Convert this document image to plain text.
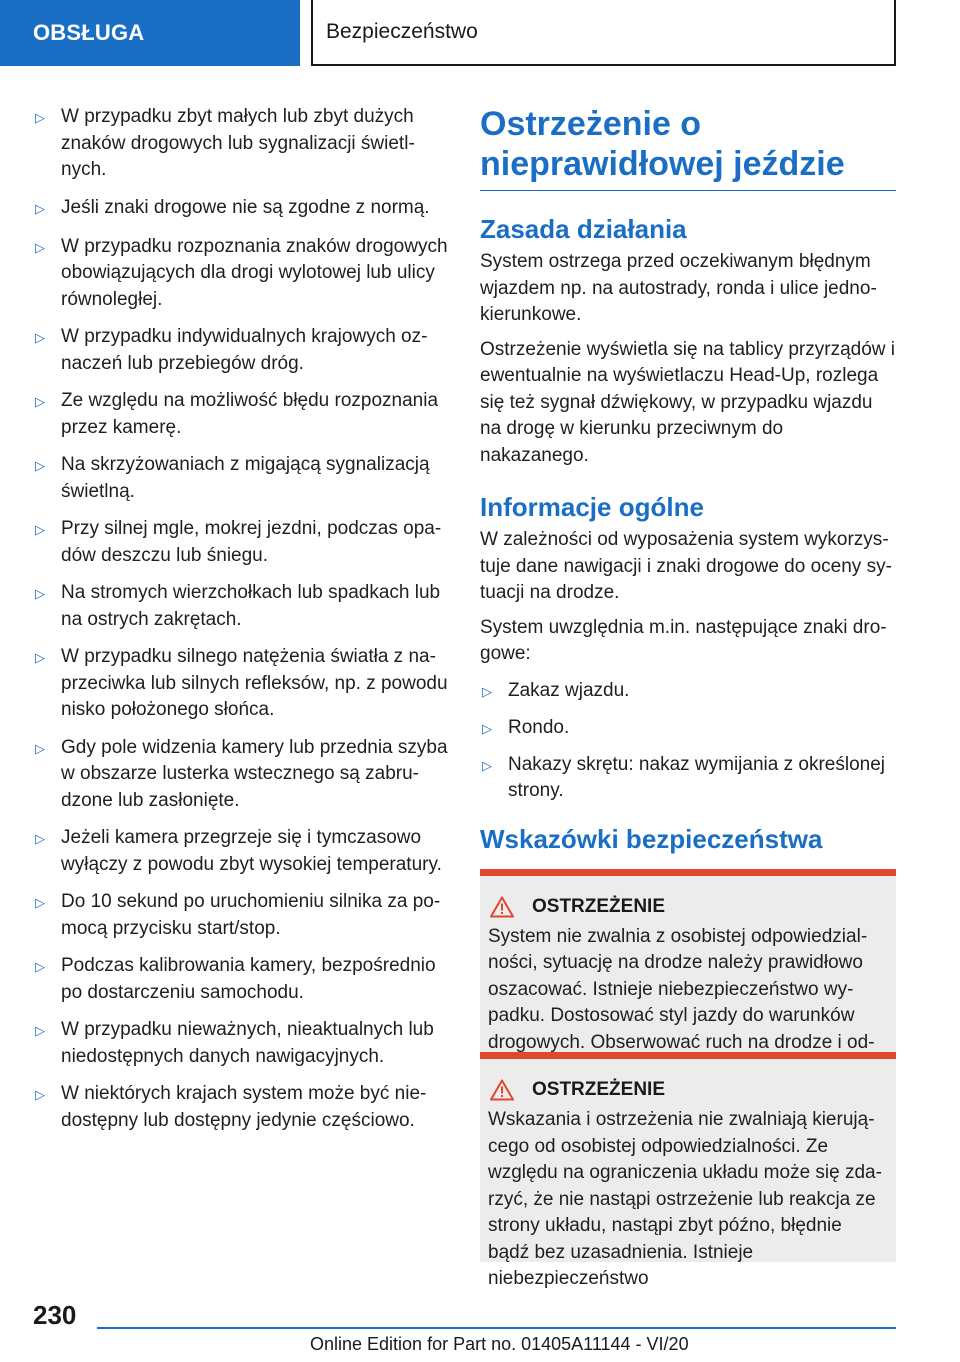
OBSŁUGA	Bezpieczeństwo
▷ W przypadku zbyt małych lub zbyt dużych znaków drogowych lub sygnalizacji świetlnych.
▷ Jeśli znaki drogowe nie są zgodne z normą.
▷ W przypadku rozpoznania znaków drogowych obowiązujących dla drogi wylotowej lub ulicy równoległej.
▷ W przypadku indywidualnych krajowych oznaczeń lub przebiegów dróg.
▷ Ze względu na możliwość błędu rozpoznania przez kamerę.
▷ Na skrzyżowaniach z migającą sygnalizacją świetlną.
▷ Przy silnej mgle, mokrej jezdni, podczas opadów deszczu lub śniegu.
▷ Na stromych wierzchołkach lub spadkach lub na ostrych zakrętach.
▷ W przypadku silnego natężenia światła z naprzeciwka lub silnych refleksów, np. z powodu nisko położonego słońca.
▷ Gdy pole widzenia kamery lub przednia szyba w obszarze lusterka wstecznego są zabrudzone lub zasłonięte.
▷ Jeżeli kamera przegrzeje się i tymczasowo wyłączy z powodu zbyt wysokiej temperatury.
▷ Do 10 sekund po uruchomieniu silnika za pomocą przycisku start/stop.
▷ Podczas kalibrowania kamery, bezpośrednio po dostarczeniu samochodu.
▷ W przypadku nieważnych, nieaktualnych lub niedostępnych danych nawigacyjnych.
▷ W niektórych krajach system może być niedostępny lub dostępny jedynie częściowo.
Ostrzeżenie o nieprawidłowej jeździe
Zasada działania
System ostrzega przed oczekiwanym błędnym wjazdem np. na autostrady, ronda i ulice jednokierunkowe.
Ostrzeżenie wyświetla się na tablicy przyrządów i ewentualnie na wyświetlaczu Head-Up, rozlega się też sygnał dźwiękowy, w przypadku wjazdu na drogę w kierunku przeciwnym do nakazanego.
Informacje ogólne
W zależności od wyposażenia system wykorzystuje dane nawigacji i znaki drogowe do oceny sytuacji na drodze.
System uwzględnia m.in. następujące znaki drogowe:
▷ Zakaz wjazdu.
▷ Rondo.
▷ Nakazy skrętu: nakaz wymijania z określonej strony.
Wskazówki bezpieczeństwa
OSTRZEŻENIE
System nie zwalnia z osobistej odpowiedzialności, sytuację na drodze należy prawidłowo oszacować. Istnieje niebezpieczeństwo wypadku. Dostosować styl jazdy do warunków drogowych. Obserwować ruch na drodze i od
OSTRZEŻENIE
Wskazania i ostrzeżenia nie zwalniają kierującego od osobistej odpowiedzialności. Ze względu na ograniczenia układu może się zdarzyć, że nie nastąpi ostrzeżenie lub reakcja ze strony układu, nastąpi zbyt późno, błędnie bądź bez uzasadnienia. Istnieje niebezpieczeństwo
230
Online Edition for Part no. 01405A11144 - VI/20
